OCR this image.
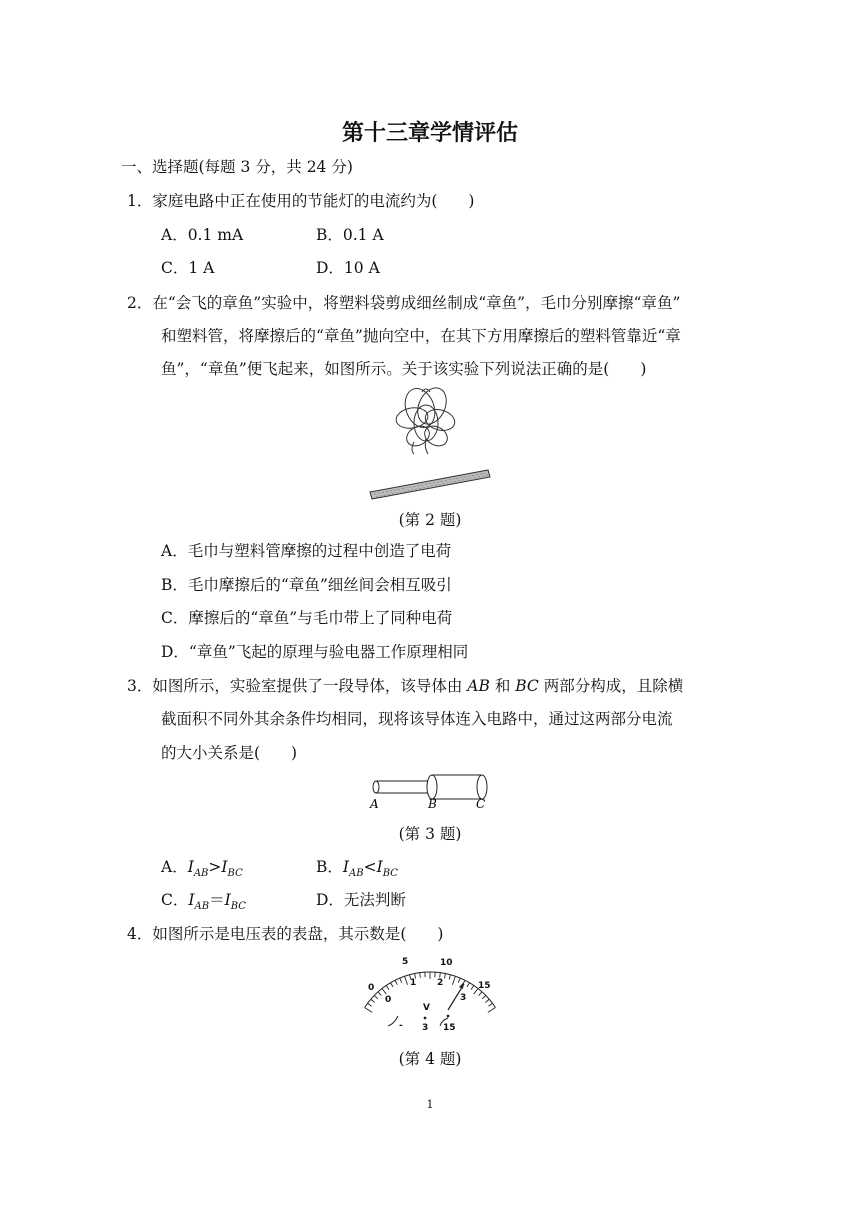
第十三章学情评估
一、选择题(每题 3 分，共 24 分)
1．家庭电路中正在使用的节能灯的电流约为(　　)
A．0.1 mA	B．0.1 A
C．1 A	D．10 A
2．在“会飞的章鱼”实验中，将塑料袋剪成细丝制成“章鱼”，毛巾分别摩擦“章鱼”
和塑料管，将摩擦后的“章鱼”抛向空中，在其下方用摩擦后的塑料管靠近“章
鱼”，“章鱼”便飞起来，如图所示。关于该实验下列说法正确的是(　　)
(第 2 题)
A．毛巾与塑料管摩擦的过程中创造了电荷
B．毛巾摩擦后的“章鱼”细丝间会相互吸引
C．摩擦后的“章鱼”与毛巾带上了同种电荷
D．“章鱼”飞起的原理与验电器工作原理相同
3．如图所示，实验室提供了一段导体，该导体由 AB 和 BC 两部分构成，且除横
截面积不同外其余条件均相同，现将该导体连入电路中，通过这两部分电流
的大小关系是(　　)
A	B	C
(第 3 题)
A．$I_{AB}>I_{BC}$	B．$I_{AB}<I_{BC}$
C．$I_{AB}=I_{BC}$	D．无法判断
4．如图所示是电压表的表盘，其示数是(　　)
0
5	10
15
0
1 2
3
V
- 3 15
(第 4 题)
1
